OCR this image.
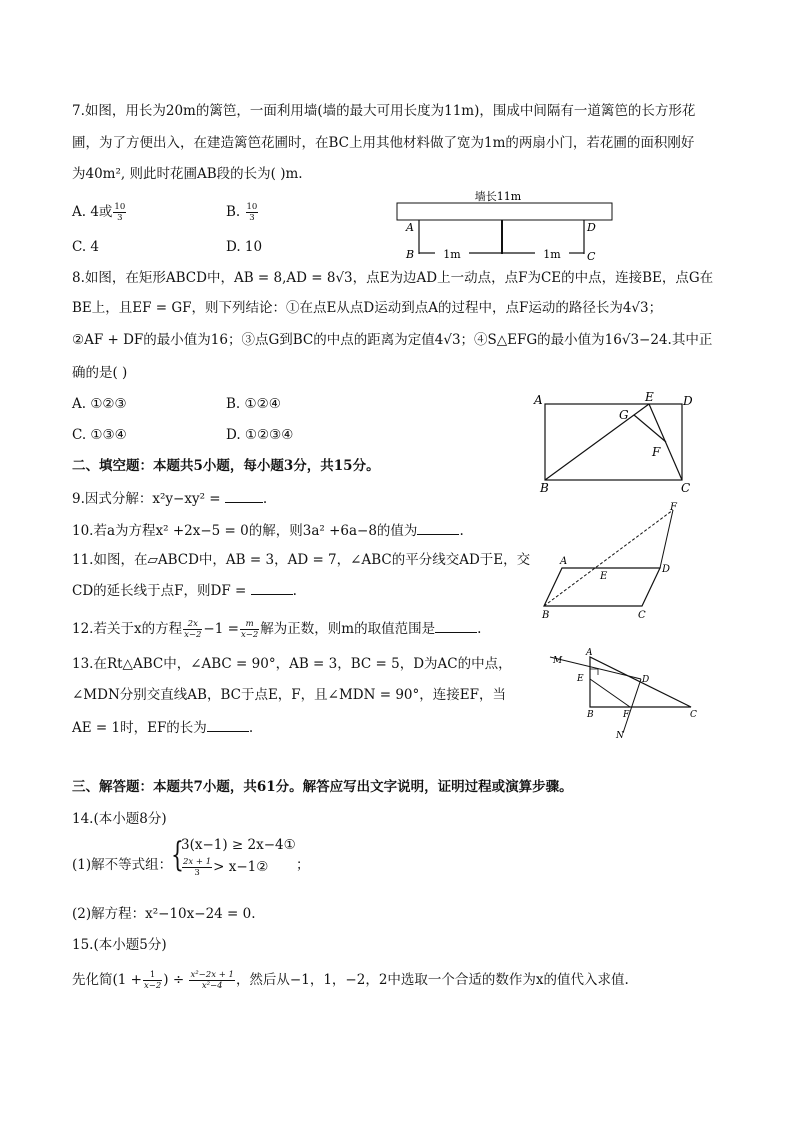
7.如图，用长为20m的篱笆，一面利用墙(墙的最大可用长度为11m)，围成中间隔有一道篱笆的长方形花
圃，为了方便出入，在建造篱笆花圃时，在BC上用其他材料做了宽为1m的两扇小门，若花圃的面积刚好
为40m², 则此时花圃AB段的长为( )m.
A. 4或 $\frac{10}{3}$	B. $\frac{10}{3}$
C. 4	D. 10
墙长11m
1m	1m
A
B
D
C
8.如图，在矩形ABCD中，AB = 8,AD = 8√3，点E为边AD上一动点，点F为CE的中点，连接BE，点G在
BE上，且EF = GF，则下列结论：①在点E从点D运动到点A的过程中，点F运动的路径长为4√3；
②AF + DF的最小值为16；③点G到BC的中点的距离为定值4√3；④S△EFG的最小值为16√3−24.其中正
确的是( )
A. ①②③	B. ①②④
C. ①③④	D. ①②③④
A	E D
G
F
B	C
二、填空题：本题共5小题，每小题3分，共15分。
9.因式分解：x²y−xy² =	.
10.若a为方程x² +2x−5 = 0的解，则3a² +6a−8的值为	.
11.如图，在▱ABCD中，AB = 3，AD = 7，∠ABC的平分线交AD于E，交
CD的延长线于点F，则DF =	.
A
E
D
F
B	C
12.若关于x的方程 $\frac{2x}{x-2} -1 = \frac{m}{x-2}$ 解为正数，则m的取值范围是	.
13.在Rt△ABC中，∠ABC = 90°，AB = 3，BC = 5，D为AC的中点，
∠MDN分别交直线AB，BC于点E，F，且∠MDN = 90°，连接EF，当
AE = 1时，EF的长为	.
M
A
E	D
B	F	C
N
三、解答题：本题共7小题，共61分。解答应写出文字说明，证明过程或演算步骤。
14.(本小题8分)
(1)解不等式组：
{
3(x−1) ≥ 2x−4①
$\frac{2x + 1}{3}$ > x−1② ；
(2)解方程：x²−10x−24 = 0.
15.(本小题5分)
先化简($1 + \frac{1}{x-2}$ ) ÷ $\frac{\text{x²−2x + 1}}{\text{x²−4}}$ ，然后从−1，1，−2，2中选取一个合适的数作为x的值代入求值.
